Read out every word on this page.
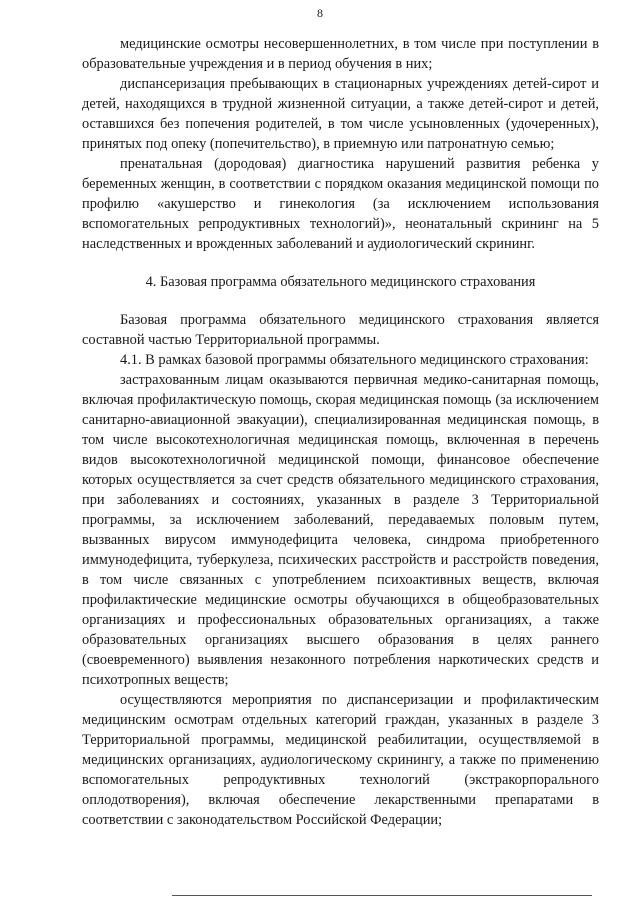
8

медицинские осмотры несовершеннолетних, в том числе при поступлении в образовательные учреждения и в период обучения в них;

диспансеризация пребывающих в стационарных учреждениях детей-сирот и детей, находящихся в трудной жизненной ситуации, а также детей-сирот и детей, оставшихся без попечения родителей, в том числе усыновленных (удочеренных), принятых под опеку (попечительство), в приемную или патронатную семью;

пренатальная (дородовая) диагностика нарушений развития ребенка у беременных женщин, в соответствии с порядком оказания медицинской помощи по профилю «акушерство и гинекология (за исключением использования вспомогательных репродуктивных технологий)», неонатальный скрининг на 5 наследственных и врожденных заболеваний и аудиологический скрининг.

4. Базовая программа обязательного медицинского страхования

Базовая программа обязательного медицинского страхования является составной частью Территориальной программы.

4.1. В рамках базовой программы обязательного медицинского страхования:

застрахованным лицам оказываются первичная медико-санитарная помощь, включая профилактическую помощь, скорая медицинская помощь (за исключением санитарно-авиационной эвакуации), специализированная медицинская помощь, в том числе высокотехнологичная медицинская помощь, включенная в перечень видов высокотехнологичной медицинской помощи, финансовое обеспечение которых осуществляется за счет средств обязательного медицинского страхования, при заболеваниях и состояниях, указанных в разделе 3 Территориальной программы, за исключением заболеваний, передаваемых половым путем, вызванных вирусом иммунодефицита человека, синдрома приобретенного иммунодефицита, туберкулеза, психических расстройств и расстройств поведения, в том числе связанных с употреблением психоактивных веществ, включая профилактические медицинские осмотры обучающихся в общеобразовательных организациях и профессиональных образовательных организациях, а также образовательных организациях высшего образования в целях раннего (своевременного) выявления незаконного потребления наркотических средств и психотропных веществ;

осуществляются мероприятия по диспансеризации и профилактическим медицинским осмотрам отдельных категорий граждан, указанных в разделе 3 Территориальной программы, медицинской реабилитации, осуществляемой в медицинских организациях, аудиологическому скринингу, а также по применению вспомогательных репродуктивных технологий (экстракорпорального оплодотворения), включая обеспечение лекарственными препаратами в соответствии с законодательством Российской Федерации;
